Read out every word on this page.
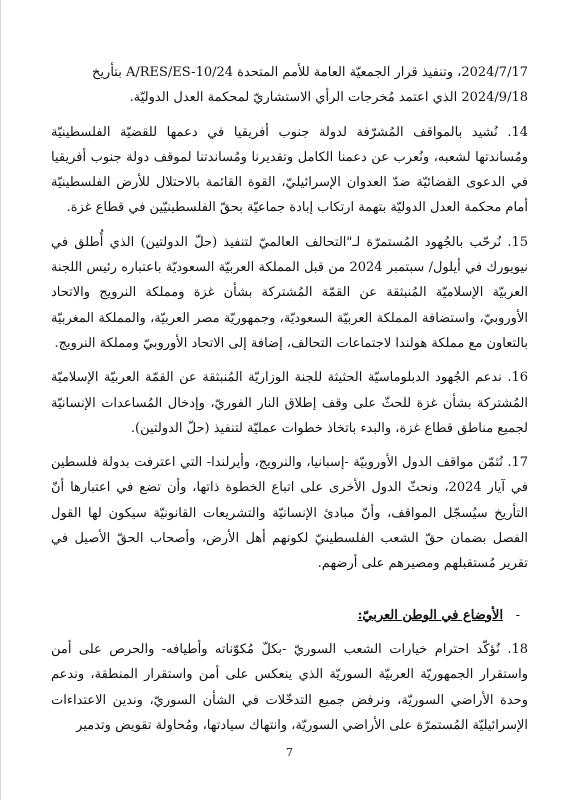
2024/7/17، وتنفيذ قرار الجمعيّة العامة للأمم المتحدة A/RES/ES-10/24 بتأريخ

2024/9/18 الذي اعتمد مُخرجات الرأي الاستشاريّ لمحكمة العدل الدوليّة.

14. نُشيد بالمواقف المُشرّفة لدولة جنوب أفريقيا في دعمها للقضيّة الفلسطينيّة ومُساندتها لشعبه، ونُعرب عن دعمنا الكامل وتقديرنا ومُساندتنا لموقف دولة جنوب أفريقيا في الدعوى القضائيّة ضدّ العدوان الإسرائيليّ، القوة القائمة بالاحتلال للأرض الفلسطينيّة أمام محكمة العدل الدوليّة بتهمة ارتكاب إبادة جماعيّة بحقّ الفلسطينيّين في قطاع غزة.

15. نُرحّب بالجُهود المُستمرّة لـ"التحالف العالميّ لتنفيذ (حلّ الدولتين) الذي أُطلق في نيويورك في أيلول/ سبتمبر 2024 من قبل المملكة العربيّة السعوديّة باعتباره رئيس اللجنة العربيّة الإسلاميّة المُنبثقة عن القمّة المُشتركة بشأن غزة ومملكة النرويج والاتحاد الأوروبيّ، واستضافة المملكة العربيّة السعوديّة، وجمهوريّة مصر العربيّة، والمملكة المغربيّة بالتعاون مع مملكة هولندا لاجتماعات التحالف، إضافة إلى الاتحاد الأوروبيّ ومملكة النرويج.

16. ندعم الجُهود الدبلوماسيّة الحثيثة للجنة الوزاريّة المُنبثقة عن القمّة العربيّة الإسلاميّة المُشتركة بشأن غزة للحثّ على وقف إطلاق النار الفوريّ، وإدخال المُساعدات الإنسانيّة لجميع مناطق قطاع غزة، والبدء باتخاذ خطوات عمليّة لتنفيذ (حلّ الدولتين).

17. نُثمّن مواقف الدول الأوروبيّة -إسبانيا، والنرويج، وأيرلندا- التي اعترفت بدولة فلسطين في آيار 2024، ونحثّ الدول الأخرى على اتباع الخطوة ذاتها، وأن تضع في اعتبارها أنّ التأريخ سيُسجّل المواقف، وأنّ مبادئ الإنسانيّة والتشريعات القانونيّة سيكون لها القول الفصل بضمان حقّ الشعب الفلسطينيّ لكونهم أهل الأرض، وأصحاب الحقّ الأصيل في تقرير مُستقبلهم ومصيرهم على أرضهم.

- الأوضاع في الوطن العربيّ:

18. نُؤكّد احترام خيارات الشعب السوريّ -بكلّ مُكوّناته وأطيافه- والحرص على أمن واستقرار الجمهوريّة العربيّة السوريّة الذي ينعكس على أمن واستقرار المنطقة، وندعم وحدة الأراضي السوريّة، ونرفض جميع التدخّلات في الشأن السوريّ، وندين الاعتداءات الإسرائيليّة المُستمرّة على الأراضي السوريّة، وانتهاك سيادتها، ومُحاولة تقويض وتدمير

7
